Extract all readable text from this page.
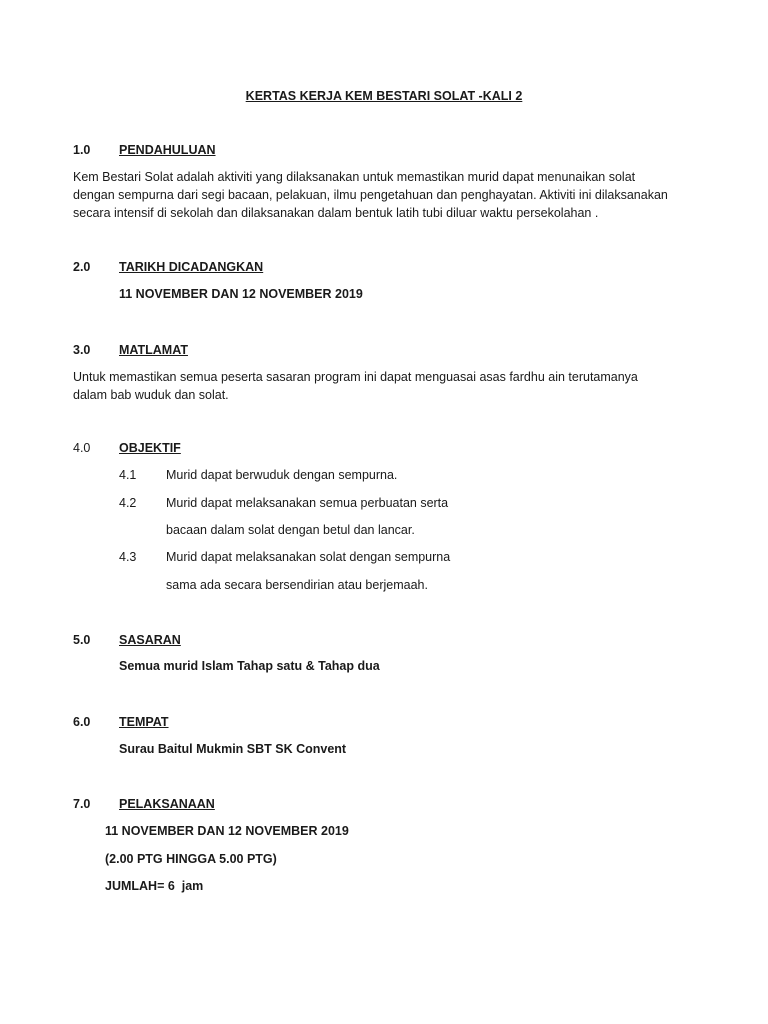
KERTAS KERJA KEM BESTARI SOLAT -KALI 2
1.0 PENDAHULUAN
Kem Bestari Solat adalah aktiviti yang dilaksanakan untuk memastikan murid dapat menunaikan solat
dengan sempurna dari segi bacaan, pelakuan, ilmu pengetahuan dan penghayatan. Aktiviti ini dilaksanakan
secara intensif di sekolah dan dilaksanakan dalam bentuk latih tubi diluar waktu persekolahan .
2.0 TARIKH DICADANGKAN
11 NOVEMBER DAN 12 NOVEMBER 2019
3.0 MATLAMAT
Untuk memastikan semua peserta sasaran program ini dapat menguasai asas fardhu ain terutamanya
dalam bab wuduk dan solat.
4.0 OBJEKTIF
4.1 Murid dapat berwuduk dengan sempurna.
4.2 Murid dapat melaksanakan semua perbuatan serta
bacaan dalam solat dengan betul dan lancar.
4.3 Murid dapat melaksanakan solat dengan sempurna
sama ada secara bersendirian atau berjemaah.
5.0 SASARAN
Semua murid Islam Tahap satu & Tahap dua
6.0 TEMPAT
Surau Baitul Mukmin SBT SK Convent
7.0 PELAKSANAAN
11 NOVEMBER DAN 12 NOVEMBER 2019
(2.00 PTG HINGGA 5.00 PTG)
JUMLAH= 6  jam
